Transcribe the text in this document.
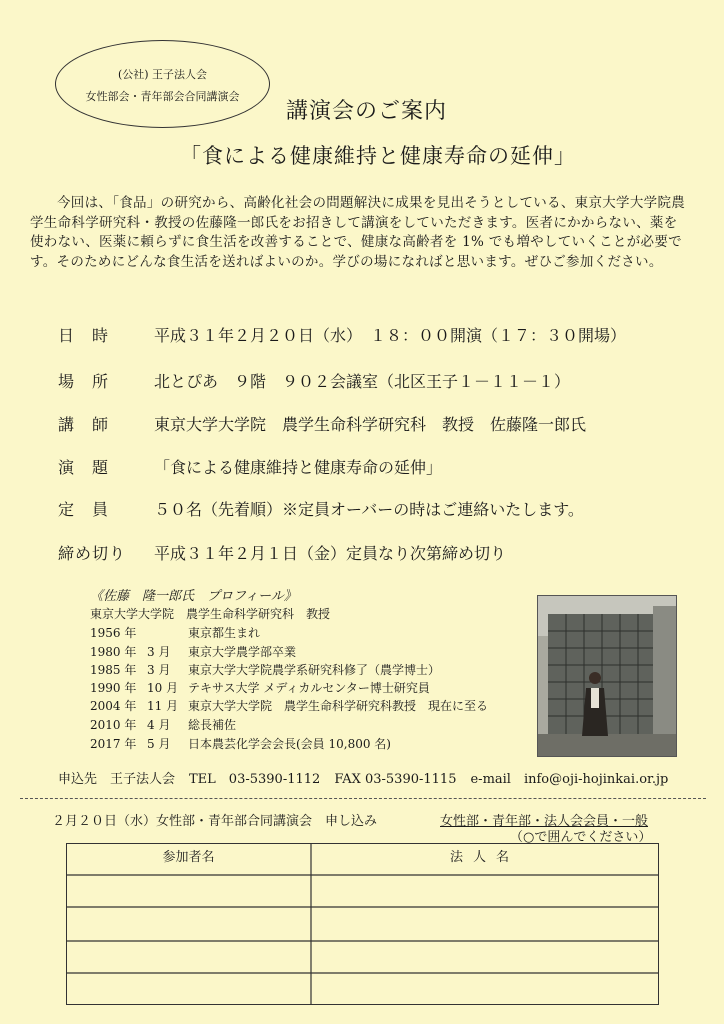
(公社) 王子法人会
女性部会・青年部会合同講演会
講演会のご案内
「食による健康維持と健康寿命の延伸」

今回は、「食品」の研究から、高齢化社会の問題解決に成果を見出そうとしている、東京大学大学院農学生命科学研究科・教授の佐藤隆一郎氏をお招きして講演をしていただきます。医者にかからない、薬を使わない、医薬に頼らずに食生活を改善することで、健康な高齢者を 1% でも増やしていくことが必要です。そのためにどんな食生活を送ればよいのか。学びの場になればと思います。ぜひご参加ください。

日　時	平成３１年２月２０日（水）　１８：００開演（１７：３０開場）
場　所	北とぴあ　９階　９０２会議室（北区王子１－１１－１）
講　師	東京大学大学院　農学生命科学研究科　教授　佐藤隆一郎氏
演　題	「食による健康維持と健康寿命の延伸」
定　員	５０名（先着順）※定員オーバーの時はご連絡いたします。
締め切り 平成３１年２月１日（金）定員なり次第締め切り
《佐藤　隆一郎氏　プロフィール》
東京大学大学院　農学生命科学研究科　教授
1956 年	東京都生まれ
1980 年 3 月 東京大学農学部卒業
1985 年 3 月 東京大学大学院農学系研究科修了（農学博士）
1990 年 10 月 テキサス大学 メディカルセンター博士研究員
2004 年 11 月 東京大学大学院　農学生命科学研究科教授　現在に至る
2010 年 4 月 総長補佐
2017 年 5 月 日本農芸化学会会長(会員 10,800 名)
申込先　王子法人会 TEL　03-5390-1112 FAX 03-5390-1115 e-mail　info@oji-hojinkai.or.jp
２月２０日（水）女性部・青年部合同講演会　申し込み	女性部・青年部・法人会会員・一般
（○で囲んでください）
参加者名	法人名
